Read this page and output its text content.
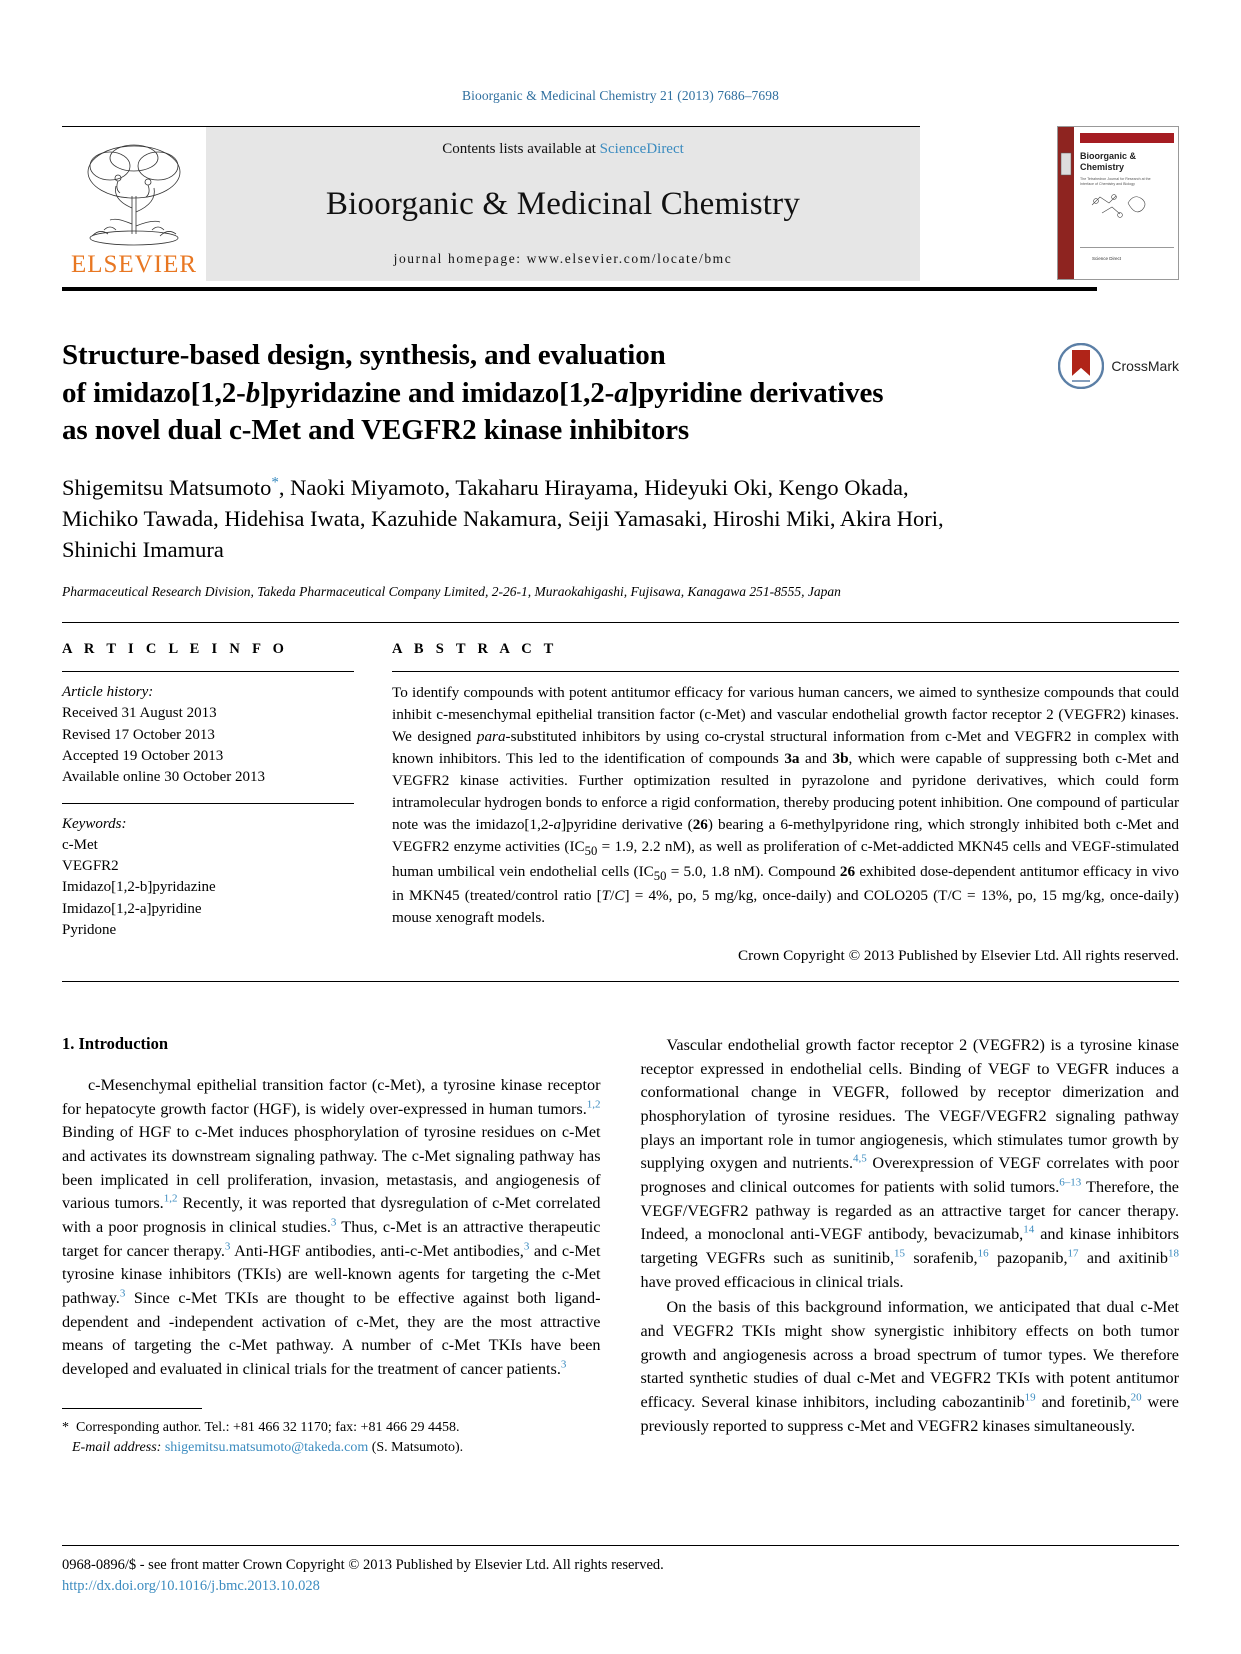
Bioorganic & Medicinal Chemistry 21 (2013) 7686–7698
ELSEVIER
Contents lists available at ScienceDirect
Bioorganic & Medicinal Chemistry
journal homepage: www.elsevier.com/locate/bmc
Bioorganic &
Chemistry
The Tetrahedron Journal for Research at the
Interface of Chemistry and Biology
Science Direct
Structure-based design, synthesis, and evaluation
of imidazo[1,2-b]pyridazine and imidazo[1,2-a]pyridine derivatives
as novel dual c-Met and VEGFR2 kinase inhibitors
CrossMark
Shigemitsu Matsumoto*, Naoki Miyamoto, Takaharu Hirayama, Hideyuki Oki, Kengo Okada,
Michiko Tawada, Hidehisa Iwata, Kazuhide Nakamura, Seiji Yamasaki, Hiroshi Miki, Akira Hori,
Shinichi Imamura
Pharmaceutical Research Division, Takeda Pharmaceutical Company Limited, 2-26-1, Muraokahigashi, Fujisawa, Kanagawa 251-8555, Japan
A R T I C L E I N F O
Article history:
Received 31 August 2013
Revised 17 October 2013
Accepted 19 October 2013
Available online 30 October 2013
Keywords:
c-Met
VEGFR2
Imidazo[1,2-b]pyridazine
Imidazo[1,2-a]pyridine
Pyridone
A B S T R A C T
To identify compounds with potent antitumor efficacy for various human cancers, we aimed to synthesize compounds that could inhibit c-mesenchymal epithelial transition factor (c-Met) and vascular endothelial growth factor receptor 2 (VEGFR2) kinases. We designed para-substituted inhibitors by using co-crystal structural information from c-Met and VEGFR2 in complex with known inhibitors. This led to the identification of compounds 3a and 3b, which were capable of suppressing both c-Met and VEGFR2 kinase activities. Further optimization resulted in pyrazolone and pyridone derivatives, which could form intramolecular hydrogen bonds to enforce a rigid conformation, thereby producing potent inhibition. One compound of particular note was the imidazo[1,2-a]pyridine derivative (26) bearing a 6-methylpyridone ring, which strongly inhibited both c-Met and VEGFR2 enzyme activities ($IC_{50} = 1.9$, 2.2 nM), as well as proliferation of c-Met-addicted MKN45 cells and VEGF-stimulated human umbilical vein endothelial cells ($IC_{50} = 5.0$, 1.8 nM). Compound 26 exhibited dose-dependent antitumor efficacy in vivo in MKN45 (treated/control ratio [T/C] = 4%, po, 5 mg/kg, once-daily) and COLO205 (T/C = 13%, po, 15 mg/kg, once-daily) mouse xenograft models.
Crown Copyright © 2013 Published by Elsevier Ltd. All rights reserved.
1. Introduction

c-Mesenchymal epithelial transition factor (c-Met), a tyrosine kinase receptor for hepatocyte growth factor (HGF), is widely over-expressed in human tumors.$^{1,2}$ Binding of HGF to c-Met induces phosphorylation of tyrosine residues on c-Met and activates its downstream signaling pathway. The c-Met signaling pathway has been implicated in cell proliferation, invasion, metastasis, and angiogenesis of various tumors.$^{1,2}$ Recently, it was reported that dysregulation of c-Met correlated with a poor prognosis in clinical studies.$^3$ Thus, c-Met is an attractive therapeutic target for cancer therapy.$^3$ Anti-HGF antibodies, anti-c-Met antibodies,$^3$ and c-Met tyrosine kinase inhibitors (TKIs) are well-known agents for targeting the c-Met pathway.$^3$ Since c-Met TKIs are thought to be effective against both ligand-dependent and -independent activation of c-Met, they are the most attractive means of targeting the c-Met pathway. A number of c-Met TKIs have been developed and evaluated in clinical trials for the treatment of cancer patients.$^3$

* Corresponding author. Tel.: +81 466 32 1170; fax: +81 466 29 4458.
E-mail address: shigemitsu.matsumoto@takeda.com (S. Matsumoto).

Vascular endothelial growth factor receptor 2 (VEGFR2) is a tyrosine kinase receptor expressed in endothelial cells. Binding of VEGF to VEGFR induces a conformational change in VEGFR, followed by receptor dimerization and phosphorylation of tyrosine residues. The VEGF/VEGFR2 signaling pathway plays an important role in tumor angiogenesis, which stimulates tumor growth by supplying oxygen and nutrients.$^{4,5}$ Overexpression of VEGF correlates with poor prognoses and clinical outcomes for patients with solid tumors.$^{6-13}$ Therefore, the VEGF/VEGFR2 pathway is regarded as an attractive target for cancer therapy. Indeed, a monoclonal anti-VEGF antibody, bevacizumab,$^{14}$ and kinase inhibitors targeting VEGFRs such as sunitinib,$^{15}$ sorafenib,$^{16}$ pazopanib,$^{17}$ and axitinib$^{18}$ have proved efficacious in clinical trials.

On the basis of this background information, we anticipated that dual c-Met and VEGFR2 TKIs might show synergistic inhibitory effects on both tumor growth and angiogenesis across a broad spectrum of tumor types. We therefore started synthetic studies of dual c-Met and VEGFR2 TKIs with potent antitumor efficacy. Several kinase inhibitors, including cabozantinib$^{19}$ and foretinib,$^{20}$ were previously reported to suppress c-Met and VEGFR2 kinases simultaneously.

0968-0896/$ - see front matter Crown Copyright © 2013 Published by Elsevier Ltd. All rights reserved.
http://dx.doi.org/10.1016/j.bmc.2013.10.028
